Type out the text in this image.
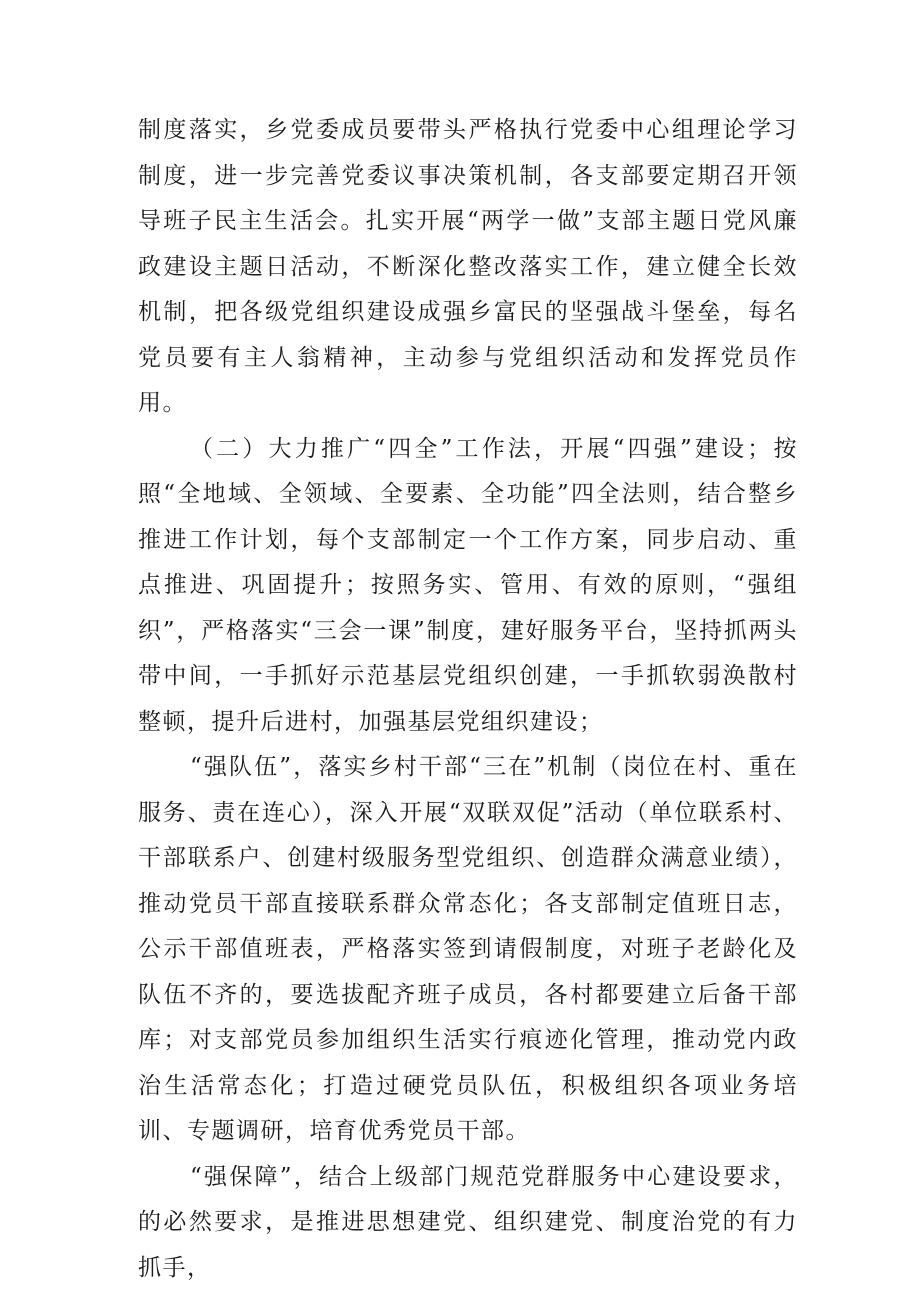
制度落实，乡党委成员要带头严格执行党委中心组理论学习制度，进一步完善党委议事决策机制，各支部要定期召开领导班子民主生活会。扎实开展“两学一做”支部主题日党风廉政建设主题日活动，不断深化整改落实工作，建立健全长效机制，把各级党组织建设成强乡富民的坚强战斗堡垒，每名党员要有主人翁精神，主动参与党组织活动和发挥党员作用。

（二）大力推广“四全”工作法，开展“四强”建设；按照“全地域、全领域、全要素、全功能”四全法则，结合整乡推进工作计划，每个支部制定一个工作方案，同步启动、重点推进、巩固提升；按照务实、管用、有效的原则，“强组织”，严格落实“三会一课”制度，建好服务平台，坚持抓两头带中间，一手抓好示范基层党组织创建，一手抓软弱涣散村整顿，提升后进村，加强基层党组织建设；

“强队伍”，落实乡村干部“三在”机制（岗位在村、重在服务、责在连心），深入开展“双联双促”活动（单位联系村、干部联系户、创建村级服务型党组织、创造群众满意业绩），推动党员干部直接联系群众常态化；各支部制定值班日志，公示干部值班表，严格落实签到请假制度，对班子老龄化及队伍不齐的，要选拔配齐班子成员，各村都要建立后备干部库；对支部党员参加组织生活实行痕迹化管理，推动党内政治生活常态化；打造过硬党员队伍，积极组织各项业务培训、专题调研，培育优秀党员干部。

“强保障”，结合上级部门规范党群服务中心建设要求，的必然要求，是推进思想建党、组织建党、制度治党的有力抓手，
